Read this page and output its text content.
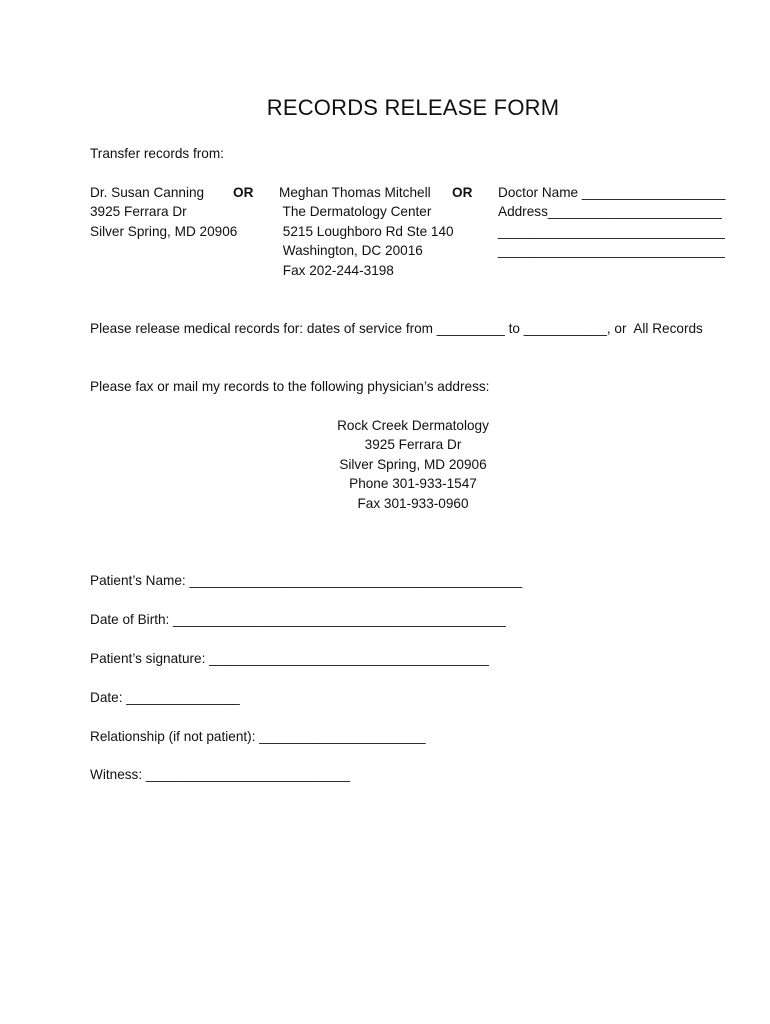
RECORDS RELEASE FORM
Transfer records from:
Dr. Susan Canning
3925 Ferrara Dr
Silver Spring, MD 20906
OR Meghan Thomas Mitchell
The Dermatology Center
5215 Loughboro Rd Ste 140
Washington, DC 20016
Fax 202-244-3198
OR Doctor Name ___________________
Address_______________________
______________________________
______________________________
Please release medical records for: dates of service from _________ to ___________, or  All Records
Please fax or mail my records to the following physician’s address:
Rock Creek Dermatology
3925 Ferrara Dr
Silver Spring, MD 20906
Phone 301-933-1547
Fax 301-933-0960
Patient’s Name: ____________________________________________
Date of Birth: ____________________________________________
Patient’s signature: _____________________________________
Date: _______________
Relationship (if not patient): ______________________
Witness: ___________________________
